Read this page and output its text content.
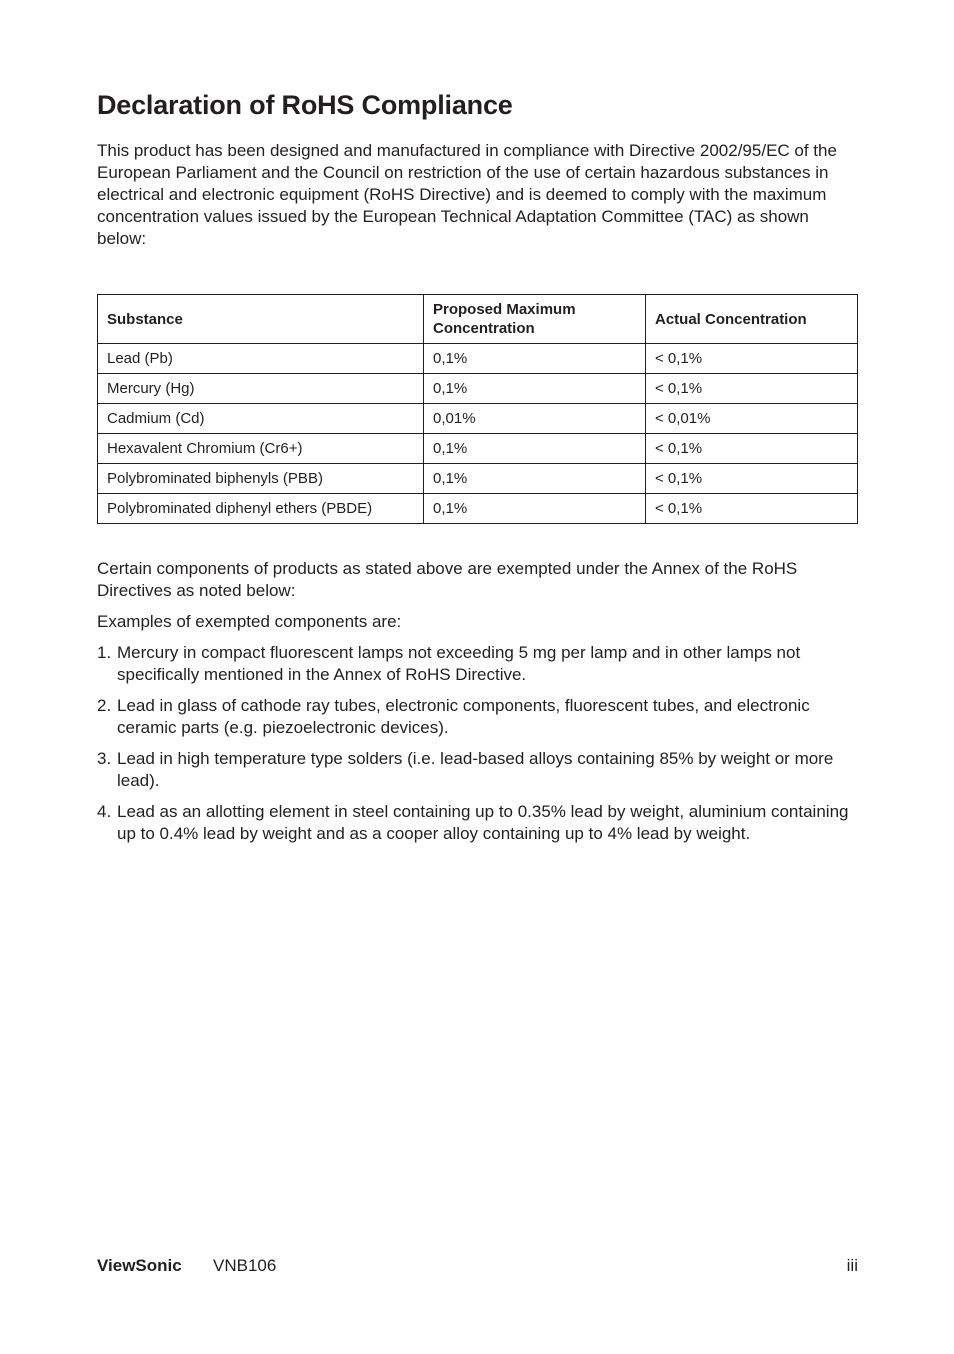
Declaration of RoHS Compliance

This product has been designed and manufactured in compliance with Directive 2002/95/EC of the European Parliament and the Council on restriction of the use of certain hazardous substances in electrical and electronic equipment (RoHS Directive) and is deemed to comply with the maximum concentration values issued by the European Technical Adaptation Committee (TAC) as shown below:

Substance	Proposed Maximum Concentration	Actual Concentration
Lead (Pb)	0,1%	< 0,1%
Mercury (Hg)	0,1%	< 0,1%
Cadmium (Cd)	0,01%	< 0,01%
Hexavalent Chromium (Cr6+)	0,1%	< 0,1%
Polybrominated biphenyls (PBB)	0,1%	< 0,1%
Polybrominated diphenyl ethers (PBDE)	0,1%	< 0,1%

Certain components of products as stated above are exempted under the Annex of the RoHS Directives as noted below:

Examples of exempted components are:

1. Mercury in compact fluorescent lamps not exceeding 5 mg per lamp and in other lamps not specifically mentioned in the Annex of RoHS Directive.
2. Lead in glass of cathode ray tubes, electronic components, fluorescent tubes, and electronic ceramic parts (e.g. piezoelectronic devices).
3. Lead in high temperature type solders (i.e. lead-based alloys containing 85% by weight or more lead).
4. Lead as an allotting element in steel containing up to 0.35% lead by weight, aluminium containing up to 0.4% lead by weight and as a cooper alloy containing up to 4% lead by weight.
ViewSonic VNB106	iii
